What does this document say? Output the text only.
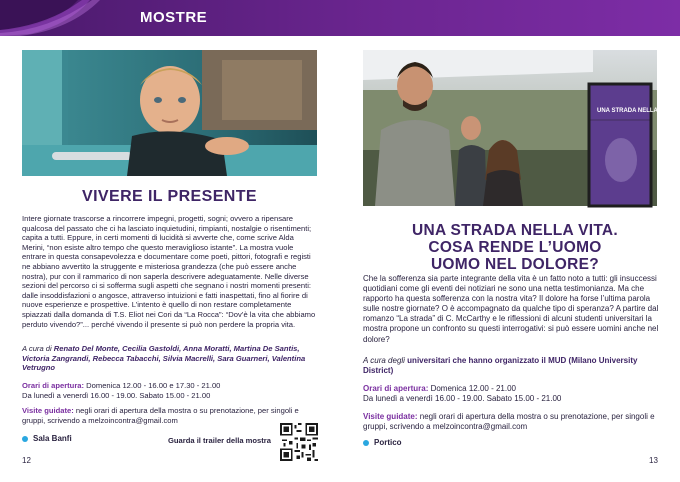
MOSTRE
VIVERE IL PRESENTE
Intere giornate trascorse a rincorrere impegni, progetti, sogni; ovvero a ripensare qualcosa del passato che ci ha lasciato inquietudini, rimpianti, nostalgie o risentimenti; capita a tutti. Eppure, in certi momenti di lucidità si avverte che, come scrive Alda Merini, “non esiste altro tempo che questo meraviglioso istante”. La mostra vuole entrare in questa consapevolezza e documentare come poeti, pittori, fotografi e registi ne abbiano avvertito la struggente e misteriosa grandezza (che può essere anche nostra), pur con il rammarico di non saperla descrivere adeguatamente. Nelle diverse sezioni del percorso ci si sofferma sugli aspetti che segnano i nostri momenti presenti: dalle insoddisfazioni o angosce, attraverso intuizioni e fatti inaspettati, fino al fiorire di nuove esperienze e prospettive. L’intento è quello di non restare completamente spiazzati dalla domanda di T.S. Eliot nei Cori da “La Rocca”: “Dov’è la vita che abbiamo perduto vivendo?”... perché vivendo il presente si può non perdere la propria vita.
A cura di Renato Del Monte, Cecilia Gastoldi, Anna Moratti, Martina De Santis, Victoria Zangrandi, Rebecca Tabacchi, Silvia Macrelli, Sara Guarneri, Valentina Vetrugno
Orari di apertura: Domenica 12.00 - 16.00 e 17.30 - 21.00
Da lunedì a venerdì 16.00 - 19.00. Sabato 15.00 - 21.00
Visite guidate: negli orari di apertura della mostra o su prenotazione, per singoli e gruppi, scrivendo a melzoincontra@gmail.com
Sala Banfi	Guarda il trailer della mostra
12
UNA STRADA NELLA VITA
UNA STRADA NELLA VITA.
COSA RENDE L’UOMO
UOMO NEL DOLORE?
Che la sofferenza sia parte integrante della vita è un fatto noto a tutti: gli insuccessi quotidiani come gli eventi dei notiziari ne sono una netta testimonianza. Ma che rapporto ha questa sofferenza con la nostra vita? Il dolore ha forse l’ultima parola sulle nostre giornate? O è accompagnato da qualche tipo di speranza? A partire dal romanzo “La strada” di C. McCarthy e le riflessioni di alcuni studenti universitari la mostra propone un confronto su questi interrogativi: si può essere uomini anche nel dolore?
A cura degli universitari che hanno organizzato il MUD (Milano University District)
Orari di apertura: Domenica 12.00 - 21.00
Da lunedì a venerdì 16.00 - 19.00. Sabato 15.00 - 21.00
Visite guidate: negli orari di apertura della mostra o su prenotazione, per singoli e gruppi, scrivendo a melzoincontra@gmail.com
Portico
13
